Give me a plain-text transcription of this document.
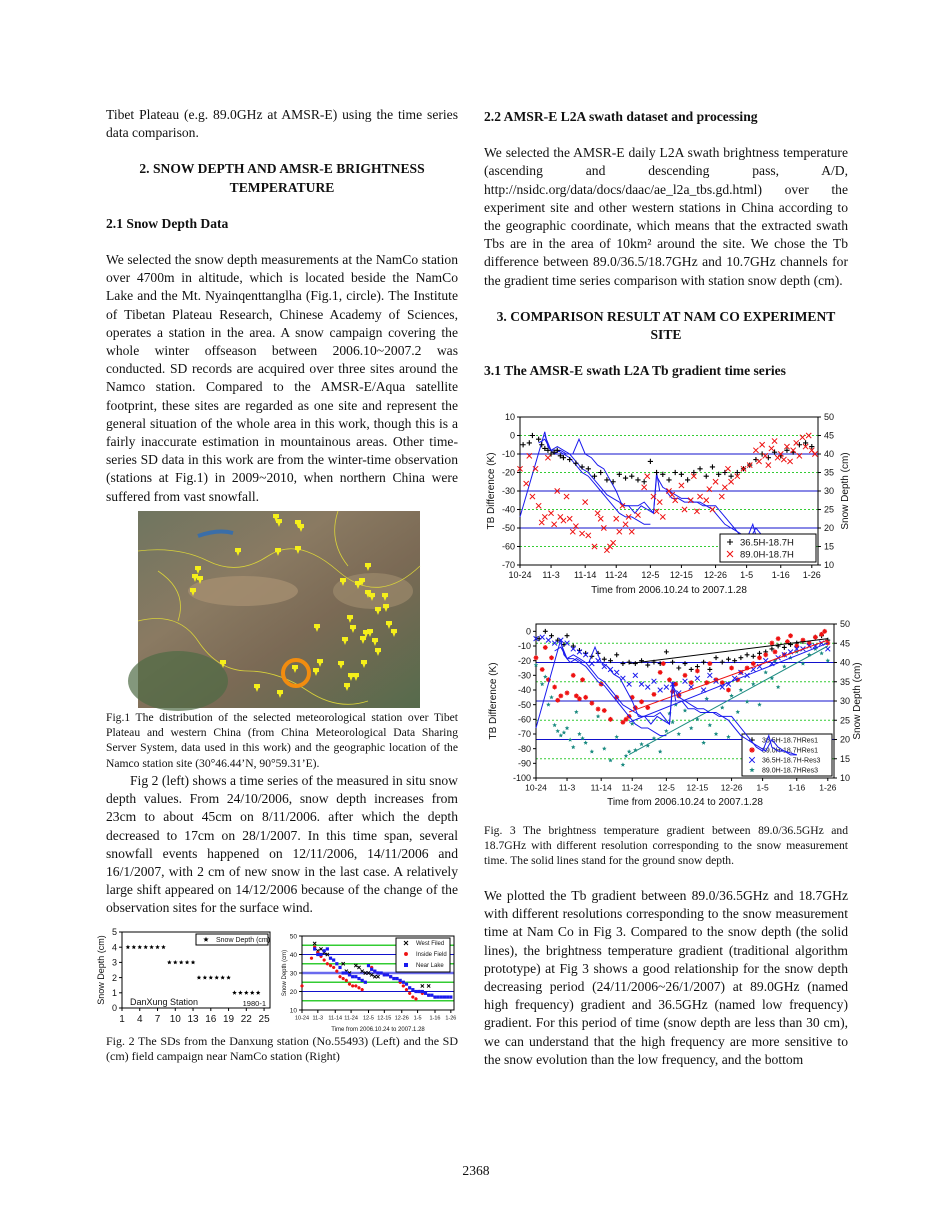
Tibet Plateau (e.g. 89.0GHz at AMSR-E) using the time series data comparison.

2. SNOW DEPTH AND AMSR-E BRIGHTNESS TEMPERATURE

2.1 Snow Depth Data

We selected the snow depth measurements at the NamCo station over 4700m in altitude, which is located beside the NamCo Lake and the Mt. Nyainqenttanglha (Fig.1, circle). The Institute of Tibetan Plateau Research, Chinese Academy of Sciences, operates a station in the area. A snow campaign covering the whole winter offseason between 2006.10~2007.2 was conducted. SD records are acquired over three sites around the Namco station. Compared to the AMSR-E/Aqua satellite footprint, these sites are regarded as one site and represent the general situation of the whole area in this work, though this is a fairly inaccurate estimation in mountainous areas. Other time-series SD data in this work are from the winter-time observation (stations at Fig.1) in 2009~2010, when northern China were suffered from vast snowfall.

Fig.1 The distribution of the selected meteorological station over Tibet Plateau and western China (from China Meteorological Data Sharing Server System, data used in this work) and the geographic location of the Namco station site (30°46.44’N, 90°59.31’E).
Fig 2 (left) shows a time series of the measured in situ snow depth values. From 24/10/2006, snow depth increases from 23cm to about 45cm on 8/11/2006. after which the depth decreased to 17cm on 28/1/2007. In this time span, several snowfall events happened on 12/11/2006, 14/11/2006 and 16/1/2007, with 2 cm of new snow in the last case. A relatively large shift appeared on 14/12/2006 because of the change of the observation sites for the surface wind.
1 4 7 10 13 16 19 22 25
0
1
2
3
4
5
Snow Depth (cm)	Snow Depth (cm)
DanXung Station	1980-1
10-24 11-3 11-14 11-24 12-5 12-15 12-26 1-5 1-16 1-26
10
20
30
40
50
Time from 2006.10.24 to 2007.1.28
Snow Depth (cm)
West Filed
Inside Field
Near Lake
Fig. 2 The SDs from the Danxung station (No.55493) (Left) and the SD (cm) field campaign near NamCo station (Right)

2.2 AMSR-E L2A swath dataset and processing

We selected the AMSR-E daily L2A swath brightness temperature (ascending and descending pass, A/D, http://nsidc.org/data/docs/daac/ae_l2a_tbs.gd.html) over the experiment site and other western stations in China according to the geographic coordinate, which means that the extracted swath Tbs are in the area of 10km² around the site. We chose the Tb difference between 89.0/36.5/18.7GHz and 10.7GHz channels for the gradient time series comparison with station snow depth (cm).

3. COMPARISON RESULT AT NAM CO EXPERIMENT SITE

3.1 The AMSR-E swath L2A Tb gradient time series

10-24 11-3 11-14 11-24 12-5 12-15 12-26 1-5 1-16 1-26
10
0
-10
-20
-30
-40
-50
-60
-70
50
45
40
35
30
25
20
15
10
Time from 2006.10.24 to 2007.1.28
TB Difference (K)	Snow Depth (cm)
36.5H-18.7H
89.0H-18.7H
10-24 11-3 11-14 11-24 12-5 12-15 12-26 1-5 1-16 1-26
0
-10
-20
-30
-40
-50
-60
-70
-80
-90
-100
50
45
40
35
30
25
20
15
10
Time from 2006.10.24 to 2007.1.28
TB Difference (K)	Snow Depth (cm)
36.5H-18.7HRes1
89.0H-18.7HRes1
36.5H-18.7H-Res3
89.0H-18.7HRes3
Fig. 3 The brightness temperature gradient between 89.0/36.5GHz and 18.7GHz with different resolution corresponding to the snow measurement time. The solid lines stand for the ground snow depth.
We plotted the Tb gradient between 89.0/36.5GHz and 18.7GHz with different resolutions corresponding to the snow measurement time at Nam Co in Fig 3. Compared to the snow depth (the solid lines), the brightness temperature gradient (traditional algorithm prototype) at Fig 3 shows a good relationship for the snow depth decreasing period (24/11/2006~26/1/2007) at 89.0GHz (named high frequency) gradient and 36.5GHz (named low frequency) gradient. For this period of time (snow depth are less than 30 cm), we can understand that the high frequency are more sensitive to the snow evolution than the low frequency, and the bottom
2368
